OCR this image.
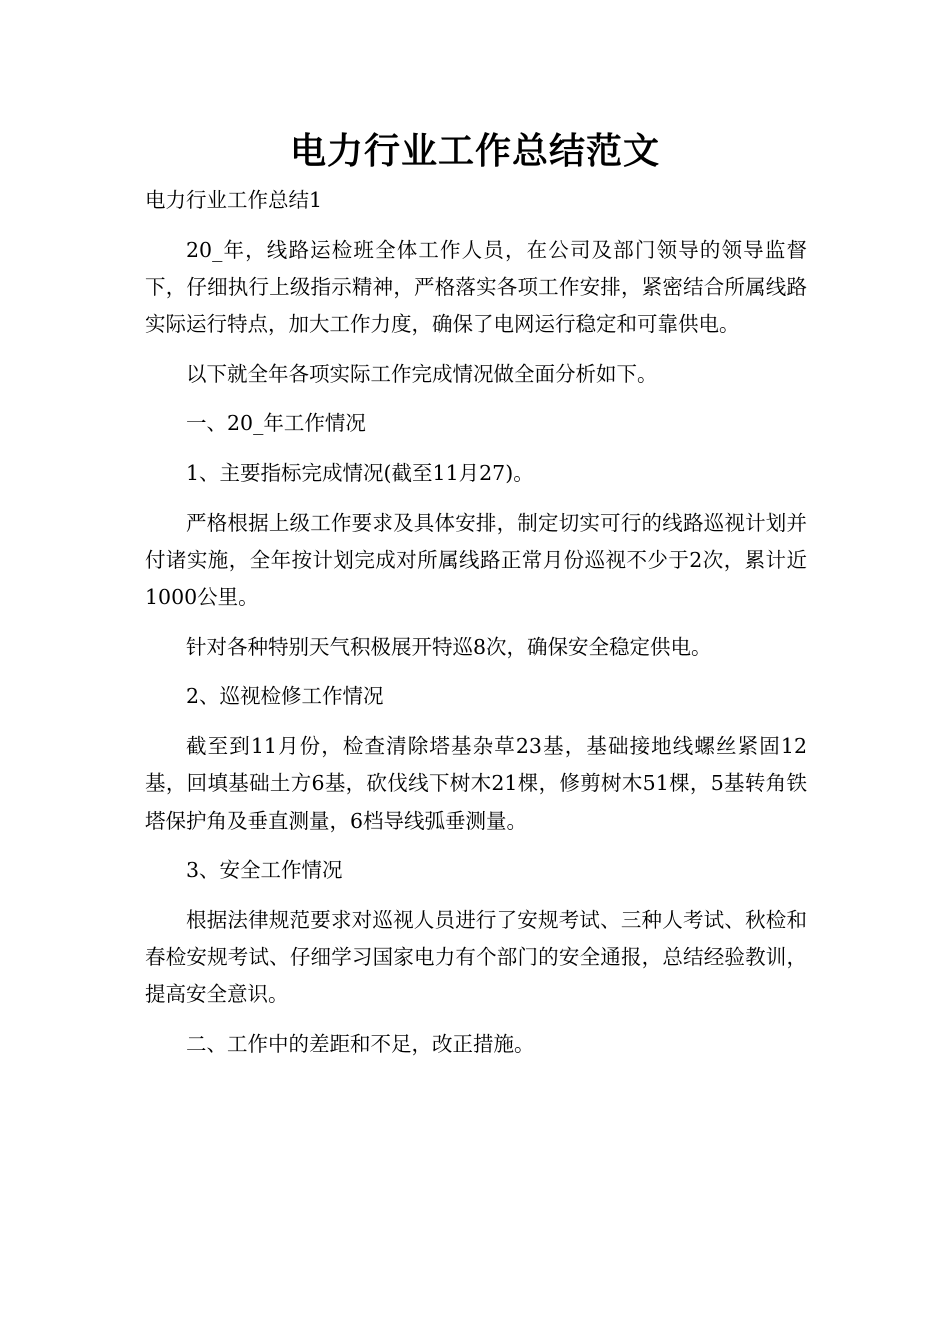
电力行业工作总结范文

电力行业工作总结1

20_年，线路运检班全体工作人员，在公司及部门领导的领导监督下，仔细执行上级指示精神，严格落实各项工作安排，紧密结合所属线路实际运行特点，加大工作力度，确保了电网运行稳定和可靠供电。

以下就全年各项实际工作完成情况做全面分析如下。

一、20_年工作情况

1、主要指标完成情况(截至11月27)。

严格根据上级工作要求及具体安排，制定切实可行的线路巡视计划并付诸实施，全年按计划完成对所属线路正常月份巡视不少于2次，累计近1000公里。

针对各种特别天气积极展开特巡8次，确保安全稳定供电。

2、巡视检修工作情况

截至到11月份，检查清除塔基杂草23基，基础接地线螺丝紧固12基，回填基础土方6基，砍伐线下树木21棵，修剪树木51棵，5基转角铁塔保护角及垂直测量，6档导线弧垂测量。

3、安全工作情况

根据法律规范要求对巡视人员进行了安规考试、三种人考试、秋检和春检安规考试、仔细学习国家电力有个部门的安全通报，总结经验教训，提高安全意识。

二、工作中的差距和不足，改正措施。
